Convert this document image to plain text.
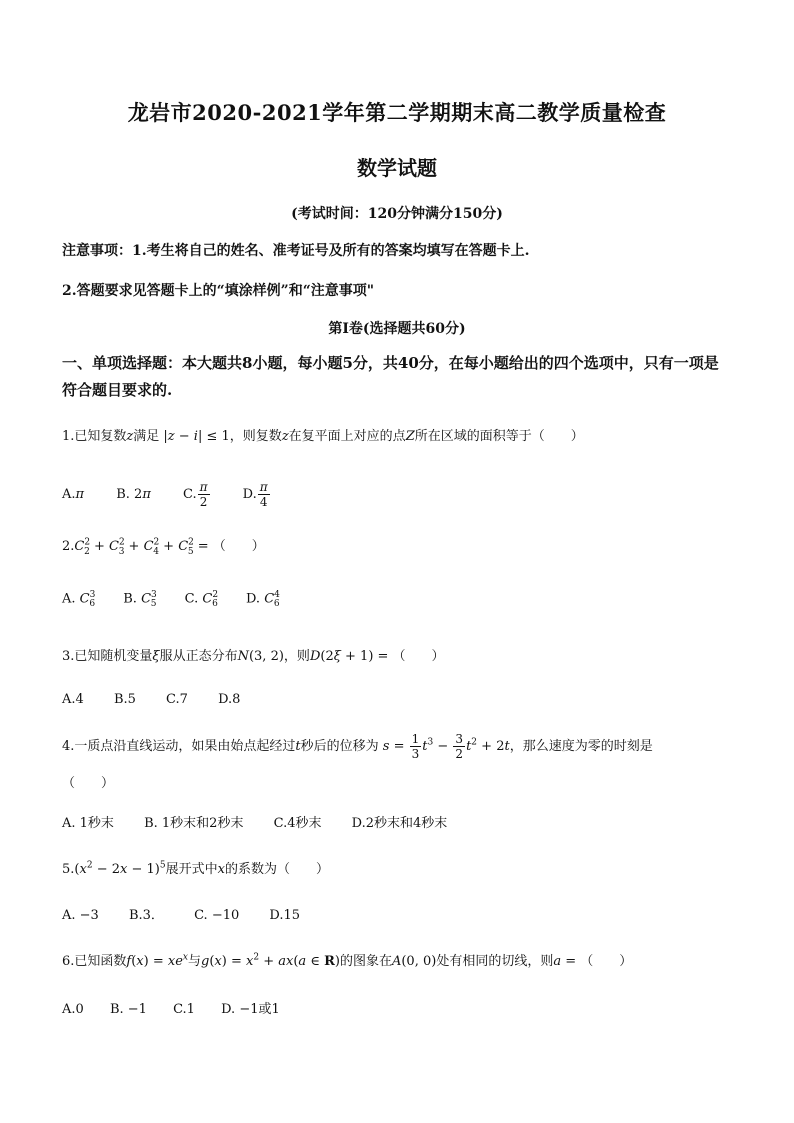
龙岩市2020-2021学年第二学期期末高二教学质量检查
数学试题
(考试时间：120分钟满分150分)
注意事项：1.考生将自己的姓名、准考证号及所有的答案均填写在答题卡上.
2.答题要求见答题卡上的“填涂样例”和“注意事项"
第I卷(选择题共60分)
一、单项选择题：本大题共8小题，每小题5分，共40分，在每小题给出的四个选项中，只有一项是符合题目要求的.
1.已知复数z满足 |z − i| ≤ 1，则复数z在复平面上对应的点Z所在区域的面积等于（　　）
A.π B. 2π C. $\frac{\pi}{2}$	D. $\frac{\pi}{4}$
$2.C^2_2 + C^2_3 + C^2_4 + C^2_5$ = （　　）
A. $C^3_6$ B. $C^3_5$ C. $C^2_6$ D. $C^4_6$
3.已知随机变量ξ服从正态分布N(3, 2)，则D(2ξ + 1) = （　　）
A.4 B.5 C.7 D.8
4.一质点沿直线运动，如果由始点起经过t秒后的位移为 $s = \frac{1}{3} t^3 - \frac{3}{2} t^2 + 2t$，那么速度为零的时刻是
（　　）
A. 1秒末 B. 1秒末和2秒末 C.4秒末 D.2秒末和4秒末
$5.(x^2 - 2x - 1)^5$展开式中x的系数为（　　）
A. −3 B.3． C. −10 D.15
6.已知函数$f(x) = xe^x$与$g(x) = x^2 + ax(a$ ∈ R)的图象在A(0, 0)处有相同的切线，则a = （　　）
A.0 B. −1 C.1 D. −1或1
